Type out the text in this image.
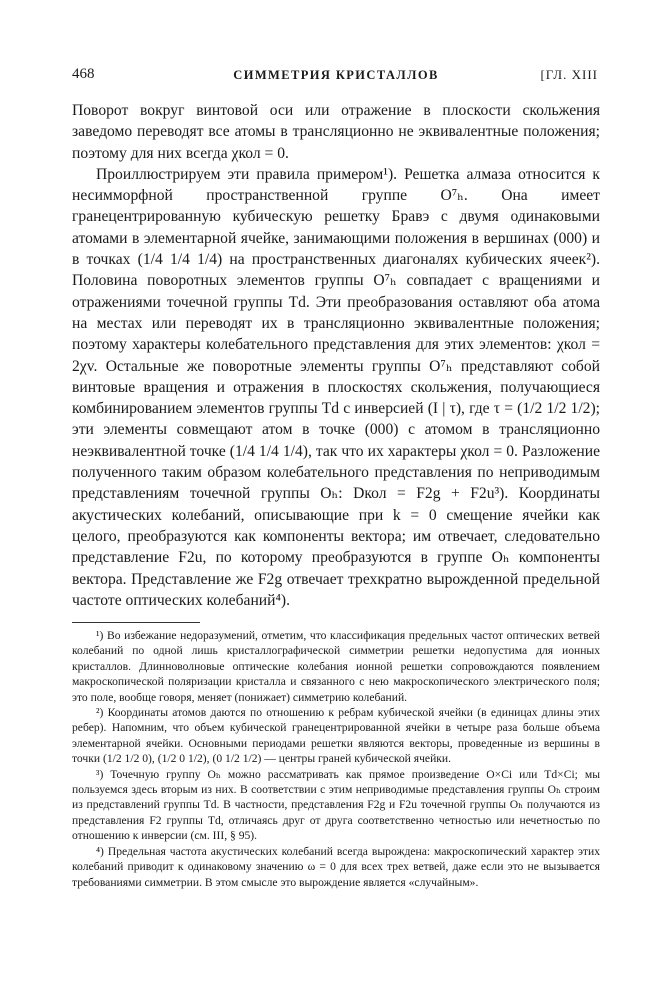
468	СИММЕТРИЯ КРИСТАЛЛОВ	[ГЛ. XIII

Поворот вокруг винтовой оси или отражение в плоскости скольжения заведомо переводят все атомы в трансляционно не эквивалентные положения; поэтому для них всегда χкол = 0.

Проиллюстрируем эти правила примером¹). Решетка алмаза относится к несимморфной пространственной группе O⁷ₕ. Она имеет гранецентрированную кубическую решетку Бравэ с двумя одинаковыми атомами в элементарной ячейке, занимающими положения в вершинах (000) и в точках (1/4 1/4 1/4) на пространственных диагоналях кубических ячеек²). Половина поворотных элементов группы O⁷ₕ совпадает с вращениями и отражениями точечной группы Td. Эти преобразования оставляют оба атома на местах или переводят их в трансляционно эквивалентные положения; поэтому характеры колебательного представления для этих элементов: χкол = 2χv. Остальные же поворотные элементы группы O⁷ₕ представляют собой винтовые вращения и отражения в плоскостях скольжения, получающиеся комбинированием элементов группы Td с инверсией (I | τ), где τ = (1/2 1/2 1/2); эти элементы совмещают атом в точке (000) с атомом в трансляционно неэквивалентной точке (1/4 1/4 1/4), так что их характеры χкол = 0. Разложение полученного таким образом колебательного представления по неприводимым представлениям точечной группы Oₕ: Dкол = F2g + F2u³). Координаты акустических колебаний, описывающие при k = 0 смещение ячейки как целого, преобразуются как компоненты вектора; им отвечает, следовательно представление F2u, по которому преобразуются в группе Oₕ компоненты вектора. Представление же F2g отвечает трехкратно вырожденной предельной частоте оптических колебаний⁴).

¹) Во избежание недоразумений, отметим, что классификация предельных частот оптических ветвей колебаний по одной лишь кристаллографической симметрии решетки недопустима для ионных кристаллов. Длинноволновые оптические колебания ионной решетки сопровождаются появлением макроскопической поляризации кристалла и связанного с нею макроскопического электрического поля; это поле, вообще говоря, меняет (понижает) симметрию колебаний.

²) Координаты атомов даются по отношению к ребрам кубической ячейки (в единицах длины этих ребер). Напомним, что объем кубической гранецентрированной ячейки в четыре раза больше объема элементарной ячейки. Основными периодами решетки являются векторы, проведенные из вершины в точки (1/2 1/2 0), (1/2 0 1/2), (0 1/2 1/2) — центры граней кубической ячейки.

³) Точечную группу Oₕ можно рассматривать как прямое произведение O×Ci или Td×Ci; мы пользуемся здесь вторым из них. В соответствии с этим неприводимые представления группы Oₕ строим из представлений группы Td. В частности, представления F2g и F2u точечной группы Oₕ получаются из представления F2 группы Td, отличаясь друг от друга соответственно четностью или нечетностью по отношению к инверсии (см. III, § 95).

⁴) Предельная частота акустических колебаний всегда вырождена: макроскопический характер этих колебаний приводит к одинаковому значению ω = 0 для всех трех ветвей, даже если это не вызывается требованиями симметрии. В этом смысле это вырождение является «случайным».
